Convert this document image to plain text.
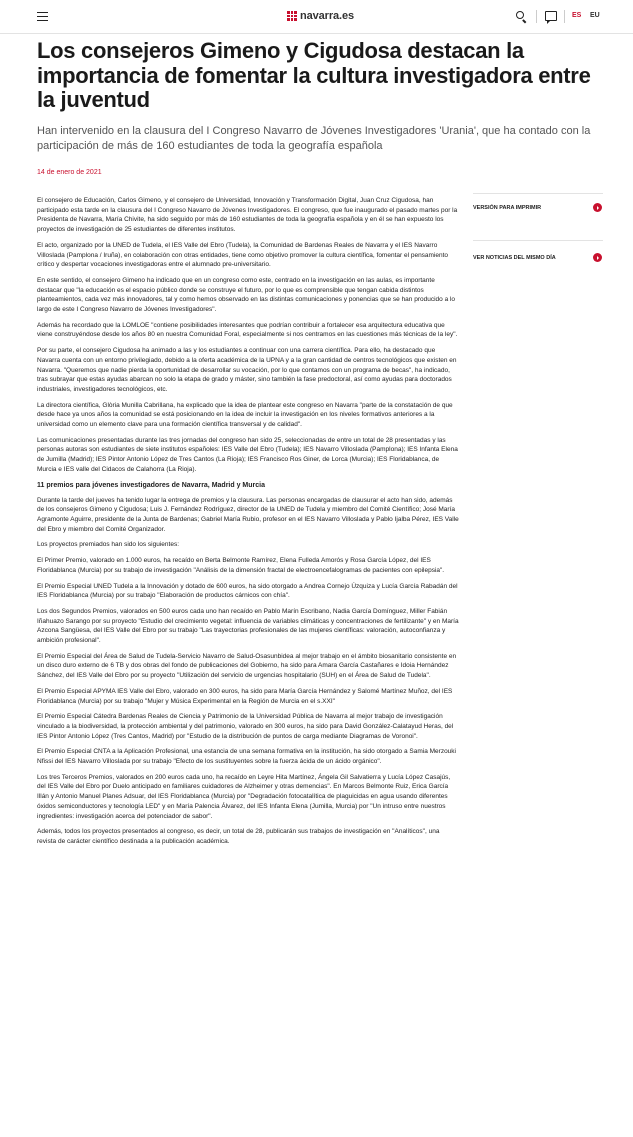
navarra.es	ES EU
Los consejeros Gimeno y Cigudosa destacan la importancia de fomentar la cultura investigadora entre la juventud

Han intervenido en la clausura del I Congreso Navarro de Jóvenes Investigadores 'Urania', que ha contado con la participación de más de 160 estudiantes de toda la geografía española

14 de enero de 2021
VERSIÓN PARA IMPRIMIR
VER NOTICIAS DEL MISMO DÍA

El consejero de Educación, Carlos Gimeno, y el consejero de Universidad, Innovación y Transformación Digital, Juan Cruz Cigudosa, han participado esta tarde en la clausura del I Congreso Navarro de Jóvenes Investigadores. El congreso, que fue inaugurado el pasado martes por la Presidenta de Navarra, María Chivite, ha sido seguido por más de 160 estudiantes de toda la geografía española y en él se han expuesto los proyectos de investigación de 25 estudiantes de diferentes institutos.

El acto, organizado por la UNED de Tudela, el IES Valle del Ebro (Tudela), la Comunidad de Bardenas Reales de Navarra y el IES Navarro Villoslada (Pamplona / Iruña), en colaboración con otras entidades, tiene como objetivo promover la cultura científica, fomentar el pensamiento crítico y despertar vocaciones investigadoras entre el alumnado pre-universitario.

En este sentido, el consejero Gimeno ha indicado que en un congreso como este, centrado en la investigación en las aulas, es importante destacar que "la educación es el espacio público donde se construye el futuro, por lo que es comprensible que tengan cabida distintos planteamientos, cada vez más innovadores, tal y como hemos observado en las distintas comunicaciones y ponencias que se han producido a lo largo de este I Congreso Navarro de Jóvenes Investigadores".

Además ha recordado que la LOMLOE "contiene posibilidades interesantes que podrían contribuir a fortalecer esa arquitectura educativa que viene construyéndose desde los años 80 en nuestra Comunidad Foral, especialmente si nos centramos en las cuestiones más técnicas de la ley".

Por su parte, el consejero Cigudosa ha animado a las y los estudiantes a continuar con una carrera científica. Para ello, ha destacado que Navarra cuenta con un entorno privilegiado, debido a la oferta académica de la UPNA y a la gran cantidad de centros tecnológicos que existen en Navarra. "Queremos que nadie pierda la oportunidad de desarrollar su vocación, por lo que contamos con un programa de becas", ha indicado, tras subrayar que estas ayudas abarcan no solo la etapa de grado y máster, sino también la fase predoctoral, así como ayudas para doctorados industriales, investigadores tecnológicos, etc.

La directora científica, Glòria Munilla Cabrillana, ha explicado que la idea de plantear este congreso en Navarra "parte de la constatación de que desde hace ya unos años la comunidad se está posicionando en la idea de incluir la investigación en los niveles formativos anteriores a la universidad como un elemento clave para una formación científica transversal y de calidad".

Las comunicaciones presentadas durante las tres jornadas del congreso han sido 25, seleccionadas de entre un total de 28 presentadas y las personas autoras son estudiantes de siete institutos españoles: IES Valle del Ebro (Tudela); IES Navarro Villoslada (Pamplona); IES Infanta Elena de Jumilla (Madrid); IES Pintor Antonio López de Tres Cantos (La Rioja); IES Francisco Ros Giner, de Lorca (Murcia); IES Floridablanca, de Murcia e IES valle del Cidacos de Calahorra (La Rioja).

11 premios para jóvenes investigadores de Navarra, Madrid y Murcia

Durante la tarde del jueves ha tenido lugar la entrega de premios y la clausura. Las personas encargadas de clausurar el acto han sido, además de los consejeros Gimeno y Cigudosa; Luis J. Fernández Rodríguez, director de la UNED de Tudela y miembro del Comité Científico; José María Agramonte Aguirre, presidente de la Junta de Bardenas; Gabriel María Rubio, profesor en el IES Navarro Villoslada y Pablo Ijalba Pérez, IES Valle del Ebro y miembro del Comité Organizador.

Los proyectos premiados han sido los siguientes:

El Primer Premio, valorado en 1.000 euros, ha recaído en Berta Belmonte Ramírez, Elena Fulleda Amorós y Rosa García López, del IES Floridablanca (Murcia) por su trabajo de investigación "Análisis de la dimensión fractal de electroencefalogramas de pacientes con epilepsia".

El Premio Especial UNED Tudela a la Innovación y dotado de 600 euros, ha sido otorgado a Andrea Cornejo Úzquiza y Lucía García Rabadán del IES Floridablanca (Murcia) por su trabajo "Elaboración de productos cárnicos con chía".

Los dos Segundos Premios, valorados en 500 euros cada uno han recaído en Pablo Marín Escribano, Nadia García Domínguez, Miller Fabián Iñahuazo Sarango por su proyecto "Estudio del crecimiento vegetal: influencia de variables climáticas y concentraciones de fertilizante" y en María Azcona Sangüesa, del IES Valle del Ebro por su trabajo "Las trayectorias profesionales de las mujeres científicas: valoración, autoconfianza y ambición profesional".

El Premio Especial del Área de Salud de Tudela-Servicio Navarro de Salud-Osasunbidea al mejor trabajo en el ámbito biosanitario consistente en un disco duro externo de 6 TB y dos obras del fondo de publicaciones del Gobierno, ha sido para Amara García Castañares e Idoia Hernández Sánchez, del IES Valle del Ebro por su proyecto "Utilización del servicio de urgencias hospitalario (SUH) en el Área de Salud de Tudela".

El Premio Especial APYMA IES Valle del Ebro, valorado en 300 euros, ha sido para María García Hernández y Salomé Martínez Muñoz, del IES Floridablanca (Murcia) por su trabajo "Mujer y Música Experimental en la Región de Murcia en el s.XXI"

El Premio Especial Cátedra Bardenas Reales de Ciencia y Patrimonio de la Universidad Pública de Navarra al mejor trabajo de investigación vinculado a la biodiversidad, la protección ambiental y del patrimonio, valorado en 300 euros, ha sido para David González-Calatayud Heras, del IES Pintor Antonio López (Tres Cantos, Madrid) por "Estudio de la distribución de puntos de carga mediante Diagramas de Voronoi".

El Premio Especial CNTA a la Aplicación Profesional, una estancia de una semana formativa en la institución, ha sido otorgado a Samia Merzouki Nfissi del IES Navarro Villoslada por su trabajo "Efecto de los sustituyentes sobre la fuerza ácida de un ácido orgánico".

Los tres Terceros Premios, valorados en 200 euros cada uno, ha recaído en Leyre Hita Martínez, Ángela Gil Salvatierra y Lucía López Casajús, del IES Valle del Ebro por Duelo anticipado en familiares cuidadores de Alzheimer y otras demencias". En Marcos Belmonte Ruiz, Erica García Illán y Antonio Manuel Planes Adsuar, del IES Floridablanca (Murcia) por "Degradación fotocatalítica de plaguicidas en agua usando diferentes óxidos semiconductores y tecnología LED" y en María Palencia Álvarez, del IES Infanta Elena (Jumilla, Murcia) por "Un intruso entre nuestros ingredientes: investigación acerca del potenciador de sabor".

Además, todos los proyectos presentados al congreso, es decir, un total de 28, publicarán sus trabajos de investigación en "Analíticos", una revista de carácter científico destinada a la publicación académica.
